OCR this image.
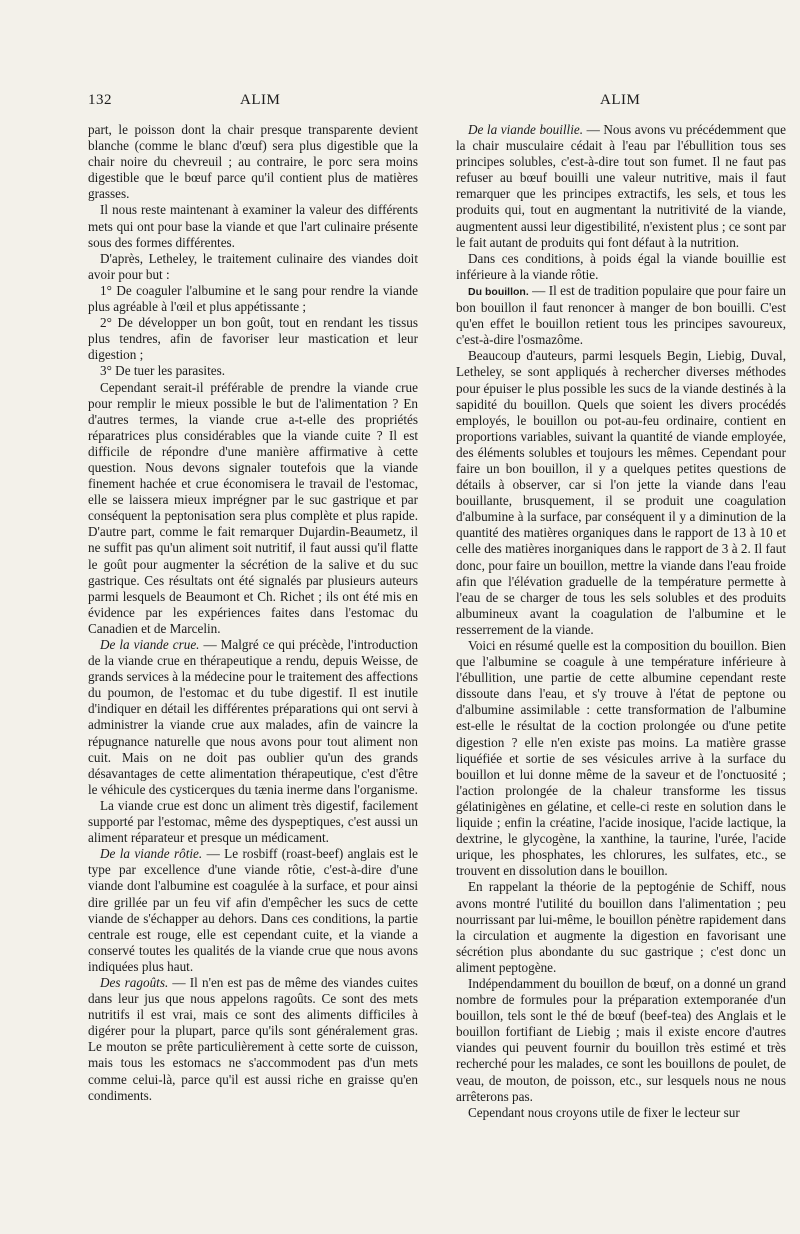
132	ALIM	ALIM

part, le poisson dont la chair presque transparente devient blanche (comme le blanc d'œuf) sera plus digestible que la chair noire du chevreuil ; au contraire, le porc sera moins digestible que le bœuf parce qu'il contient plus de matières grasses.

Il nous reste maintenant à examiner la valeur des différents mets qui ont pour base la viande et que l'art culinaire présente sous des formes différentes.

D'après, Letheley, le traitement culinaire des viandes doit avoir pour but :

1° De coaguler l'albumine et le sang pour rendre la viande plus agréable à l'œil et plus appétissante ;

2° De développer un bon goût, tout en rendant les tissus plus tendres, afin de favoriser leur mastication et leur digestion ;

3° De tuer les parasites.

Cependant serait-il préférable de prendre la viande crue pour remplir le mieux possible le but de l'alimentation ? En d'autres termes, la viande crue a-t-elle des propriétés réparatrices plus considérables que la viande cuite ? Il est difficile de répondre d'une manière affirmative à cette question. Nous devons signaler toutefois que la viande finement hachée et crue économisera le travail de l'estomac, elle se laissera mieux imprégner par le suc gastrique et par conséquent la peptonisation sera plus complète et plus rapide. D'autre part, comme le fait remarquer Dujardin-Beaumetz, il ne suffit pas qu'un aliment soit nutritif, il faut aussi qu'il flatte le goût pour augmenter la sécrétion de la salive et du suc gastrique. Ces résultats ont été signalés par plusieurs auteurs parmi lesquels de Beaumont et Ch. Richet ; ils ont été mis en évidence par les expériences faites dans l'estomac du Canadien et de Marcelin.

De la viande crue. — Malgré ce qui précède, l'introduction de la viande crue en thérapeutique a rendu, depuis Weisse, de grands services à la médecine pour le traitement des affections du poumon, de l'estomac et du tube digestif. Il est inutile d'indiquer en détail les différentes préparations qui ont servi à administrer la viande crue aux malades, afin de vaincre la répugnance naturelle que nous avons pour tout aliment non cuit. Mais on ne doit pas oublier qu'un des grands désavantages de cette alimentation thérapeutique, c'est d'être le véhicule des cysticerques du tænia inerme dans l'organisme.

La viande crue est donc un aliment très digestif, facilement supporté par l'estomac, même des dyspeptiques, c'est aussi un aliment réparateur et presque un médicament.

De la viande rôtie. — Le rosbiff (roast-beef) anglais est le type par excellence d'une viande rôtie, c'est-à-dire d'une viande dont l'albumine est coagulée à la surface, et pour ainsi dire grillée par un feu vif afin d'empêcher les sucs de cette viande de s'échapper au dehors. Dans ces conditions, la partie centrale est rouge, elle est cependant cuite, et la viande a conservé toutes les qualités de la viande crue que nous avons indiquées plus haut.

Des ragoûts. — Il n'en est pas de même des viandes cuites dans leur jus que nous appelons ragoûts. Ce sont des mets nutritifs il est vrai, mais ce sont des aliments difficiles à digérer pour la plupart, parce qu'ils sont généralement gras. Le mouton se prête particulièrement à cette sorte de cuisson, mais tous les estomacs ne s'accommodent pas d'un mets comme celui-là, parce qu'il est aussi riche en graisse qu'en condiments.

De la viande bouillie. — Nous avons vu précédemment que la chair musculaire cédait à l'eau par l'ébullition tous ses principes solubles, c'est-à-dire tout son fumet. Il ne faut pas refuser au bœuf bouilli une valeur nutritive, mais il faut remarquer que les principes extractifs, les sels, et tous les produits qui, tout en augmentant la nutritivité de la viande, augmentent aussi leur digestibilité, n'existent plus ; ce sont par le fait autant de produits qui font défaut à la nutrition.

Dans ces conditions, à poids égal la viande bouillie est inférieure à la viande rôtie.

Du bouillon. — Il est de tradition populaire que pour faire un bon bouillon il faut renoncer à manger de bon bouilli. C'est qu'en effet le bouillon retient tous les principes savoureux, c'est-à-dire l'osmazôme.

Beaucoup d'auteurs, parmi lesquels Begin, Liebig, Duval, Letheley, se sont appliqués à rechercher diverses méthodes pour épuiser le plus possible les sucs de la viande destinés à la sapidité du bouillon. Quels que soient les divers procédés employés, le bouillon ou pot-au-feu ordinaire, contient en proportions variables, suivant la quantité de viande employée, des éléments solubles et toujours les mêmes. Cependant pour faire un bon bouillon, il y a quelques petites questions de détails à observer, car si l'on jette la viande dans l'eau bouillante, brusquement, il se produit une coagulation d'albumine à la surface, par conséquent il y a diminution de la quantité des matières organiques dans le rapport de 13 à 10 et celle des matières inorganiques dans le rapport de 3 à 2. Il faut donc, pour faire un bouillon, mettre la viande dans l'eau froide afin que l'élévation graduelle de la température permette à l'eau de se charger de tous les sels solubles et des produits albumineux avant la coagulation de l'albumine et le resserrement de la viande.

Voici en résumé quelle est la composition du bouillon. Bien que l'albumine se coagule à une température inférieure à l'ébullition, une partie de cette albumine cependant reste dissoute dans l'eau, et s'y trouve à l'état de peptone ou d'albumine assimilable : cette transformation de l'albumine est-elle le résultat de la coction prolongée ou d'une petite digestion ? elle n'en existe pas moins. La matière grasse liquéfiée et sortie de ses vésicules arrive à la surface du bouillon et lui donne même de la saveur et de l'onctuosité ; l'action prolongée de la chaleur transforme les tissus gélatinigènes en gélatine, et celle-ci reste en solution dans le liquide ; enfin la créatine, l'acide inosique, l'acide lactique, la dextrine, le glycogène, la xanthine, la taurine, l'urée, l'acide urique, les phosphates, les chlorures, les sulfates, etc., se trouvent en dissolution dans le bouillon.

En rappelant la théorie de la peptogénie de Schiff, nous avons montré l'utilité du bouillon dans l'alimentation ; peu nourrissant par lui-même, le bouillon pénètre rapidement dans la circulation et augmente la digestion en favorisant une sécrétion plus abondante du suc gastrique ; c'est donc un aliment peptogène.

Indépendamment du bouillon de bœuf, on a donné un grand nombre de formules pour la préparation extemporanée d'un bouillon, tels sont le thé de bœuf (beef-tea) des Anglais et le bouillon fortifiant de Liebig ; mais il existe encore d'autres viandes qui peuvent fournir du bouillon très estimé et très recherché pour les malades, ce sont les bouillons de poulet, de veau, de mouton, de poisson, etc., sur lesquels nous ne nous arrêterons pas.

Cependant nous croyons utile de fixer le lecteur sur
